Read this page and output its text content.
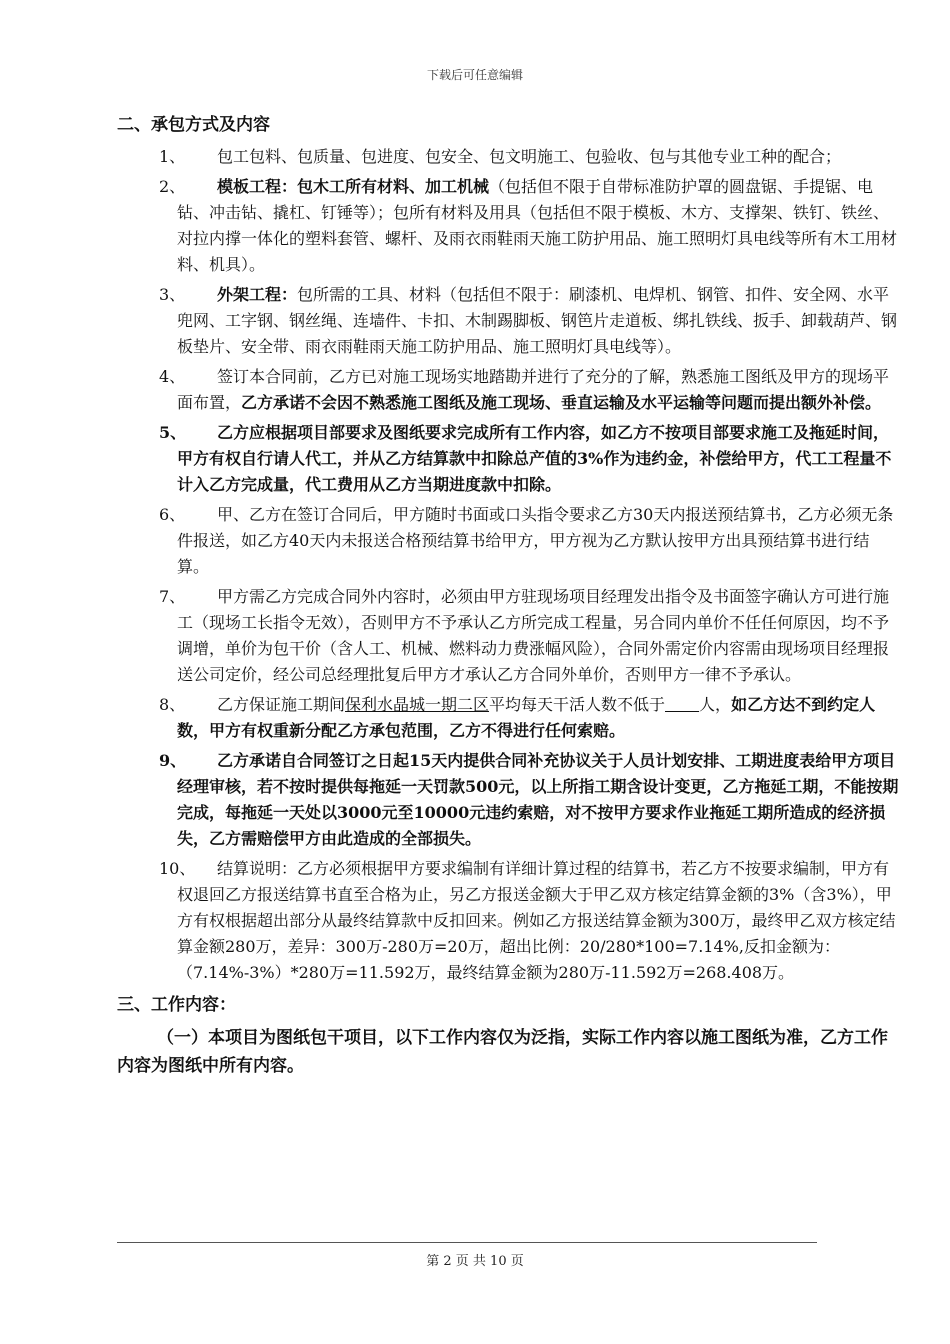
下载后可任意编辑

二、承包方式及内容

1、	包工包料、包质量、包进度、包安全、包文明施工、包验收、包与其他专业工种的配合；
2、	模板工程：包木工所有材料、加工机械（包括但不限于自带标准防护罩的圆盘锯、手提锯、电钻、冲击钻、撬杠、钉锤等）；包所有材料及用具（包括但不限于模板、木方、支撑架、铁钉、铁丝、对拉内撑一体化的塑料套管、螺杆、及雨衣雨鞋雨天施工防护用品、施工照明灯具电线等所有木工用材料、机具）。
3、	外架工程：包所需的工具、材料（包括但不限于：刷漆机、电焊机、钢管、扣件、安全网、水平兜网、工字钢、钢丝绳、连墙件、卡扣、木制踢脚板、钢笆片走道板、绑扎铁线、扳手、卸载葫芦、钢板垫片、安全带、雨衣雨鞋雨天施工防护用品、施工照明灯具电线等）。
4、	签订本合同前，乙方已对施工现场实地踏勘并进行了充分的了解，熟悉施工图纸及甲方的现场平面布置，乙方承诺不会因不熟悉施工图纸及施工现场、垂直运输及水平运输等问题而提出额外补偿。
5、	乙方应根据项目部要求及图纸要求完成所有工作内容，如乙方不按项目部要求施工及拖延时间，甲方有权自行请人代工，并从乙方结算款中扣除总产值的3%作为违约金，补偿给甲方，代工工程量不计入乙方完成量，代工费用从乙方当期进度款中扣除。
6、	甲、乙方在签订合同后，甲方随时书面或口头指令要求乙方30天内报送预结算书，乙方必须无条件报送，如乙方40天内未报送合格预结算书给甲方，甲方视为乙方默认按甲方出具预结算书进行结算。
7、	甲方需乙方完成合同外内容时，必须由甲方驻现场项目经理发出指令及书面签字确认方可进行施工（现场工长指令无效），否则甲方不予承认乙方所完成工程量，另合同内单价不任任何原因，均不予调增，单价为包干价（含人工、机械、燃料动力费涨幅风险），合同外需定价内容需由现场项目经理报送公司定价，经公司总经理批复后甲方才承认乙方合同外单价，否则甲方一律不予承认。
8、	乙方保证施工期间保利水晶城一期二区平均每天干活人数不低于 人，如乙方达不到约定人数，甲方有权重新分配乙方承包范围，乙方不得进行任何索赔。
9、	乙方承诺自合同签订之日起15天内提供合同补充协议关于人员计划安排、工期进度表给甲方项目经理审核，若不按时提供每拖延一天罚款500元，以上所指工期含设计变更，乙方拖延工期，不能按期完成，每拖延一天处以3000元至10000元违约索赔，对不按甲方要求作业拖延工期所造成的经济损失，乙方需赔偿甲方由此造成的全部损失。
10、	结算说明：乙方必须根据甲方要求编制有详细计算过程的结算书，若乙方不按要求编制，甲方有权退回乙方报送结算书直至合格为止，另乙方报送金额大于甲乙双方核定结算金额的3%（含3%），甲方有权根据超出部分从最终结算款中反扣回来。例如乙方报送结算金额为300万，最终甲乙双方核定结算金额280万，差异：300万-280万=20万，超出比例：20/280*100=7.14%,反扣金额为：（7.14%-3%）*280万=11.592万，最终结算金额为280万-11.592万=268.408万。

三、工作内容：

（一）本项目为图纸包干项目，以下工作内容仅为泛指，实际工作内容以施工图纸为准，乙方工作内容为图纸中所有内容。

第 2 页 共 10 页
